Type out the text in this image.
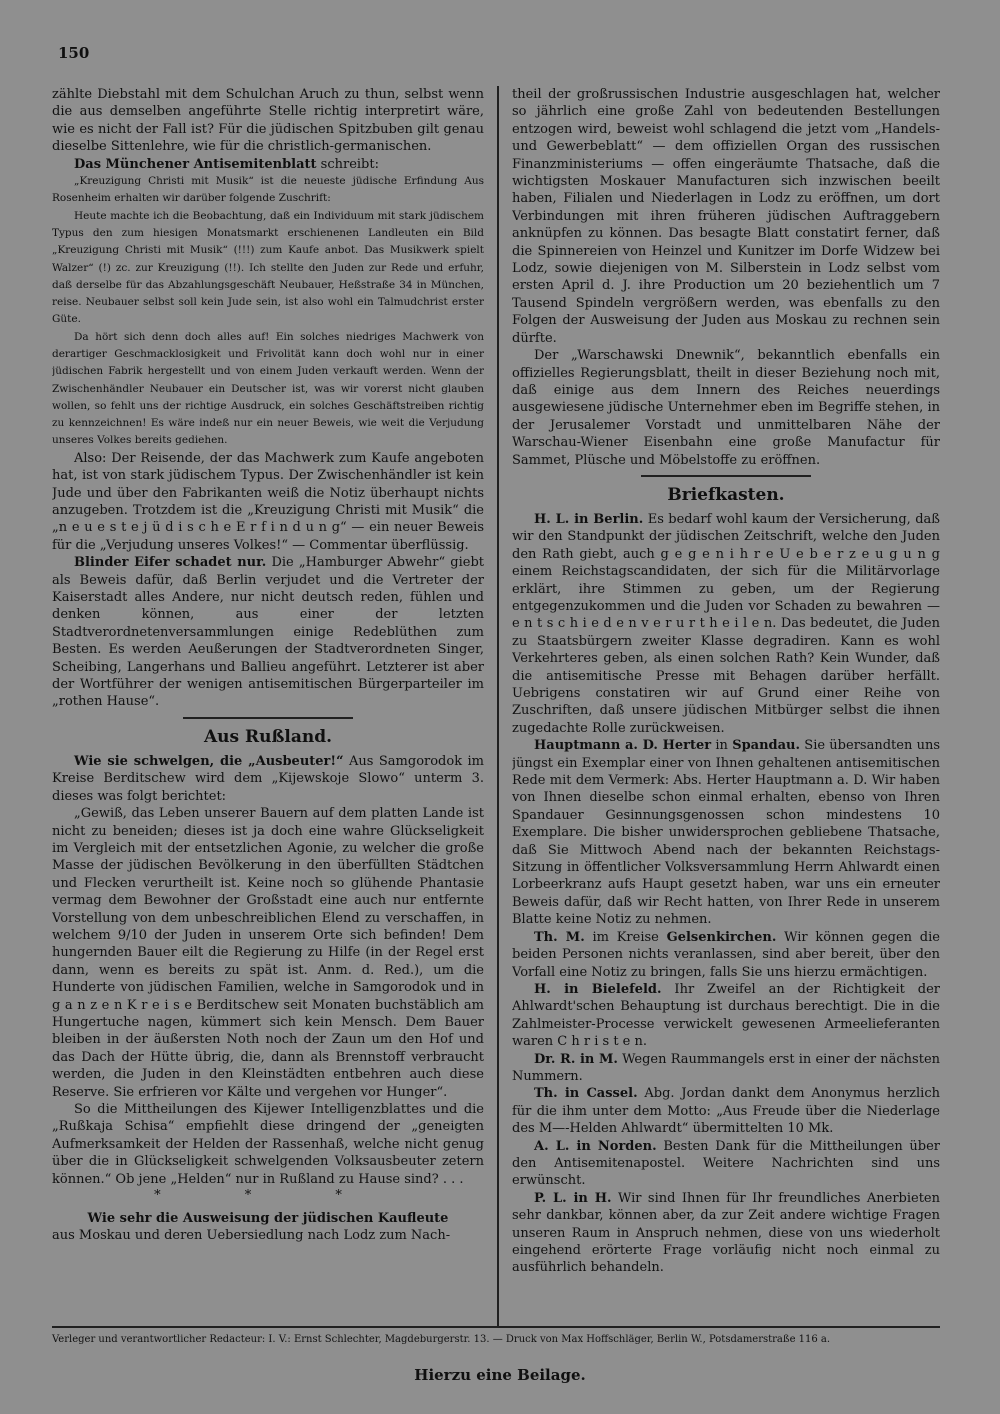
150

zählte Diebstahl mit dem Schulchan Aruch zu thun, selbst wenn die aus demselben angeführte Stelle richtig interpretirt wäre, wie es nicht der Fall ist? Für die jüdischen Spitzbuben gilt genau dieselbe Sittenlehre, wie für die christlich-germanischen.

Das Münchener Antisemitenblatt schreibt:

„Kreuzigung Christi mit Musik“ ist die neueste jüdische Erfindung Aus Rosenheim erhalten wir darüber folgende Zuschrift:

Heute machte ich die Beobachtung, daß ein Individuum mit stark jüdischem Typus den zum hiesigen Monatsmarkt erschienenen Landleuten ein Bild „Kreuzigung Christi mit Musik“ (!!!) zum Kaufe anbot. Das Musikwerk spielt Walzer“ (!) zc. zur Kreuzigung (!!). Ich stellte den Juden zur Rede und erfuhr, daß derselbe für das Abzahlungsgeschäft Neubauer, Heßstraße 34 in München, reise. Neubauer selbst soll kein Jude sein, ist also wohl ein Talmudchrist erster Güte.

Da hört sich denn doch alles auf! Ein solches niedriges Machwerk von derartiger Geschmacklosigkeit und Frivolität kann doch wohl nur in einer jüdischen Fabrik hergestellt und von einem Juden verkauft werden. Wenn der Zwischenhändler Neubauer ein Deutscher ist, was wir vorerst nicht glauben wollen, so fehlt uns der richtige Ausdruck, ein solches Geschäftstreiben richtig zu kennzeichnen! Es wäre indeß nur ein neuer Beweis, wie weit die Verjudung unseres Volkes bereits gediehen.

Also: Der Reisende, der das Machwerk zum Kaufe angeboten hat, ist von stark jüdischem Typus. Der Zwischenhändler ist kein Jude und über den Fabrikanten weiß die Notiz überhaupt nichts anzugeben. Trotzdem ist die „Kreuzigung Christi mit Musik“ die „n e u e s t e j ü d i s c h e E r f i n d u n g“ — ein neuer Beweis für die „Verjudung unseres Volkes!“ — Commentar überflüssig.

Blinder Eifer schadet nur. Die „Hamburger Abwehr“ giebt als Beweis dafür, daß Berlin verjudet und die Vertreter der Kaiserstadt alles Andere, nur nicht deutsch reden, fühlen und denken können, aus einer der letzten Stadtverordnetenversammlungen einige Redeblüthen zum Besten. Es werden Aeußerungen der Stadtverordneten Singer, Scheibing, Langerhans und Ballieu angeführt. Letzterer ist aber der Wortführer der wenigen antisemitischen Bürgerparteiler im „rothen Hause“.

Aus Rußland.

Wie sie schwelgen, die „Ausbeuter!“ Aus Samgorodok im Kreise Berditschew wird dem „Kijewskoje Slowo“ unterm 3. dieses was folgt berichtet:

„Gewiß, das Leben unserer Bauern auf dem platten Lande ist nicht zu beneiden; dieses ist ja doch eine wahre Glückseligkeit im Vergleich mit der entsetzlichen Agonie, zu welcher die große Masse der jüdischen Bevölkerung in den überfüllten Städtchen und Flecken verurtheilt ist. Keine noch so glühende Phantasie vermag dem Bewohner der Großstadt eine auch nur entfernte Vorstellung von dem unbeschreiblichen Elend zu verschaffen, in welchem 9/10 der Juden in unserem Orte sich befinden! Dem hungernden Bauer eilt die Regierung zu Hilfe (in der Regel erst dann, wenn es bereits zu spät ist. Anm. d. Red.), um die Hunderte von jüdischen Familien, welche in Samgorodok und in g a n z e n K r e i s e Berditschew seit Monaten buchstäblich am Hungertuche nagen, kümmert sich kein Mensch. Dem Bauer bleiben in der äußersten Noth noch der Zaun um den Hof und das Dach der Hütte übrig, die, dann als Brennstoff verbraucht werden, die Juden in den Kleinstädten entbehren auch diese Reserve. Sie erfrieren vor Kälte und vergehen vor Hunger“.

So die Mittheilungen des Kijewer Intelligenzblattes und die „Rußkaja Schisa“ empfiehlt diese dringend der „geneigten Aufmerksamkeit der Helden der Rassenhaß, welche nicht genug über die in Glückseligkeit schwelgenden Volksausbeuter zetern können.“ Ob jene „Helden“ nur in Rußland zu Hause sind? . . .

* * *

Wie sehr die Ausweisung der jüdischen Kaufleute

aus Moskau und deren Uebersiedlung nach Lodz zum Nach-

theil der großrussischen Industrie ausgeschlagen hat, welcher so jährlich eine große Zahl von bedeutenden Bestellungen entzogen wird, beweist wohl schlagend die jetzt vom „Handels- und Gewerbeblatt“ — dem offiziellen Organ des russischen Finanzministeriums — offen eingeräumte Thatsache, daß die wichtigsten Moskauer Manufacturen sich inzwischen beeilt haben, Filialen und Niederlagen in Lodz zu eröffnen, um dort Verbindungen mit ihren früheren jüdischen Auftraggebern anknüpfen zu können. Das besagte Blatt constatirt ferner, daß die Spinnereien von Heinzel und Kunitzer im Dorfe Widzew bei Lodz, sowie diejenigen von M. Silberstein in Lodz selbst vom ersten April d. J. ihre Production um 20 beziehentlich um 7 Tausend Spindeln vergrößern werden, was ebenfalls zu den Folgen der Ausweisung der Juden aus Moskau zu rechnen sein dürfte.

Der „Warschawski Dnewnik“, bekanntlich ebenfalls ein offizielles Regierungsblatt, theilt in dieser Beziehung noch mit, daß einige aus dem Innern des Reiches neuerdings ausgewiesene jüdische Unternehmer eben im Begriffe stehen, in der Jerusalemer Vorstadt und unmittelbaren Nähe der Warschau-Wiener Eisenbahn eine große Manufactur für Sammet, Plüsche und Möbelstoffe zu eröffnen.

Briefkasten.

H. L. in Berlin. Es bedarf wohl kaum der Versicherung, daß wir den Standpunkt der jüdischen Zeitschrift, welche den Juden den Rath giebt, auch g e g e n i h r e U e b e r z e u g u n g einem Reichstagscandidaten, der sich für die Militärvorlage erklärt, ihre Stimmen zu geben, um der Regierung entgegenzukommen und die Juden vor Schaden zu bewahren — e n t s c h i e d e n v e r u r t h e i l e n. Das bedeutet, die Juden zu Staatsbürgern zweiter Klasse degradiren. Kann es wohl Verkehrteres geben, als einen solchen Rath? Kein Wunder, daß die antisemitische Presse mit Behagen darüber herfällt. Uebrigens constatiren wir auf Grund einer Reihe von Zuschriften, daß unsere jüdischen Mitbürger selbst die ihnen zugedachte Rolle zurückweisen.

Hauptmann a. D. Herter in Spandau. Sie übersandten uns jüngst ein Exemplar einer von Ihnen gehaltenen antisemitischen Rede mit dem Vermerk: Abs. Herter Hauptmann a. D. Wir haben von Ihnen dieselbe schon einmal erhalten, ebenso von Ihren Spandauer Gesinnungsgenossen schon mindestens 10 Exemplare. Die bisher unwidersprochen gebliebene Thatsache, daß Sie Mittwoch Abend nach der bekannten Reichstags-Sitzung in öffentlicher Volksversammlung Herrn Ahlwardt einen Lorbeerkranz aufs Haupt gesetzt haben, war uns ein erneuter Beweis dafür, daß wir Recht hatten, von Ihrer Rede in unserem Blatte keine Notiz zu nehmen.

Th. M. im Kreise Gelsenkirchen. Wir können gegen die beiden Personen nichts veranlassen, sind aber bereit, über den Vorfall eine Notiz zu bringen, falls Sie uns hierzu ermächtigen.

H. in Bielefeld. Ihr Zweifel an der Richtigkeit der Ahlwardt'schen Behauptung ist durchaus berechtigt. Die in die Zahlmeister-Processe verwickelt gewesenen Armeelieferanten waren C h r i s t e n.

Dr. R. in M. Wegen Raummangels erst in einer der nächsten Nummern.

Th. in Cassel. Abg. Jordan dankt dem Anonymus herzlich für die ihm unter dem Motto: „Aus Freude über die Niederlage des M—-Helden Ahlwardt“ übermittelten 10 Mk.

A. L. in Norden. Besten Dank für die Mittheilungen über den Antisemitenapostel. Weitere Nachrichten sind uns erwünscht.

P. L. in H. Wir sind Ihnen für Ihr freundliches Anerbieten sehr dankbar, können aber, da zur Zeit andere wichtige Fragen unseren Raum in Anspruch nehmen, diese von uns wiederholt eingehend erörterte Frage vorläufig nicht noch einmal zu ausführlich behandeln.

Verleger und verantwortlicher Redacteur: I. V.: Ernst Schlechter, Magdeburgerstr. 13. — Druck von Max Hoffschläger, Berlin W., Potsdamerstraße 116 a.
Hierzu eine Beilage.
